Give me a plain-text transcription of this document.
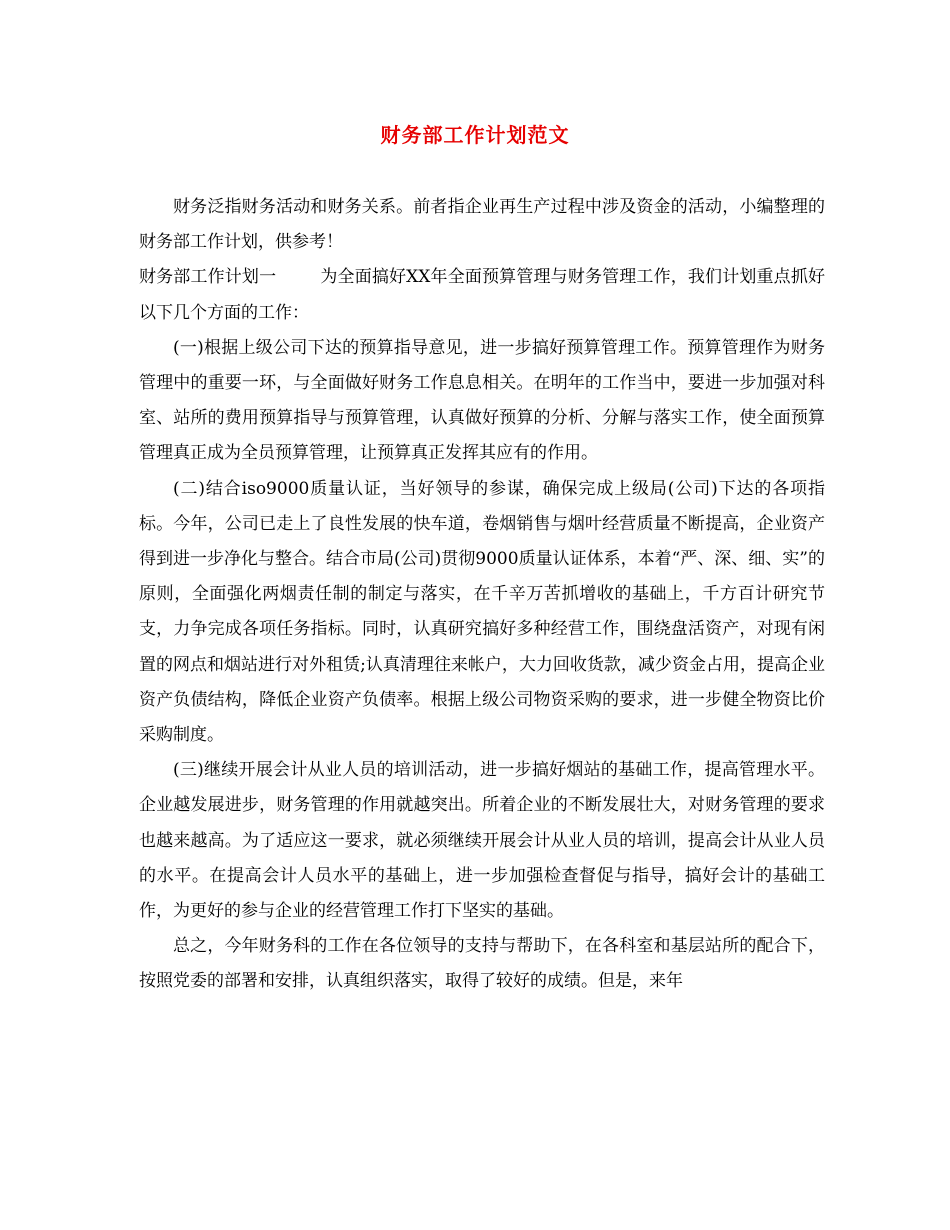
财务部工作计划范文

财务泛指财务活动和财务关系。前者指企业再生产过程中涉及资金的活动，小编整理的财务部工作计划，供参考！

财务部工作计划一	为全面搞好XX年全面预算管理与财务管理工作，我们计划重点抓好以下几个方面的工作：

(一)根据上级公司下达的预算指导意见，进一步搞好预算管理工作。预算管理作为财务管理中的重要一环，与全面做好财务工作息息相关。在明年的工作当中，要进一步加强对科室、站所的费用预算指导与预算管理，认真做好预算的分析、分解与落实工作，使全面预算管理真正成为全员预算管理，让预算真正发挥其应有的作用。

(二)结合iso9000质量认证，当好领导的参谋，确保完成上级局(公司)下达的各项指标。今年，公司已走上了良性发展的快车道，卷烟销售与烟叶经营质量不断提高，企业资产得到进一步净化与整合。结合市局(公司)贯彻9000质量认证体系，本着“严、深、细、实”的原则，全面强化两烟责任制的制定与落实，在千辛万苦抓增收的基础上，千方百计研究节支，力争完成各项任务指标。同时，认真研究搞好多种经营工作，围绕盘活资产，对现有闲置的网点和烟站进行对外租赁;认真清理往来帐户，大力回收货款，减少资金占用，提高企业资产负债结构，降低企业资产负债率。根据上级公司物资采购的要求，进一步健全物资比价采购制度。

(三)继续开展会计从业人员的培训活动，进一步搞好烟站的基础工作，提高管理水平。企业越发展进步，财务管理的作用就越突出。所着企业的不断发展壮大，对财务管理的要求也越来越高。为了适应这一要求，就必须继续开展会计从业人员的培训，提高会计从业人员的水平。在提高会计人员水平的基础上，进一步加强检查督促与指导，搞好会计的基础工作，为更好的参与企业的经营管理工作打下坚实的基础。

总之，今年财务科的工作在各位领导的支持与帮助下，在各科室和基层站所的配合下，按照党委的部署和安排，认真组织落实，取得了较好的成绩。但是，来年
